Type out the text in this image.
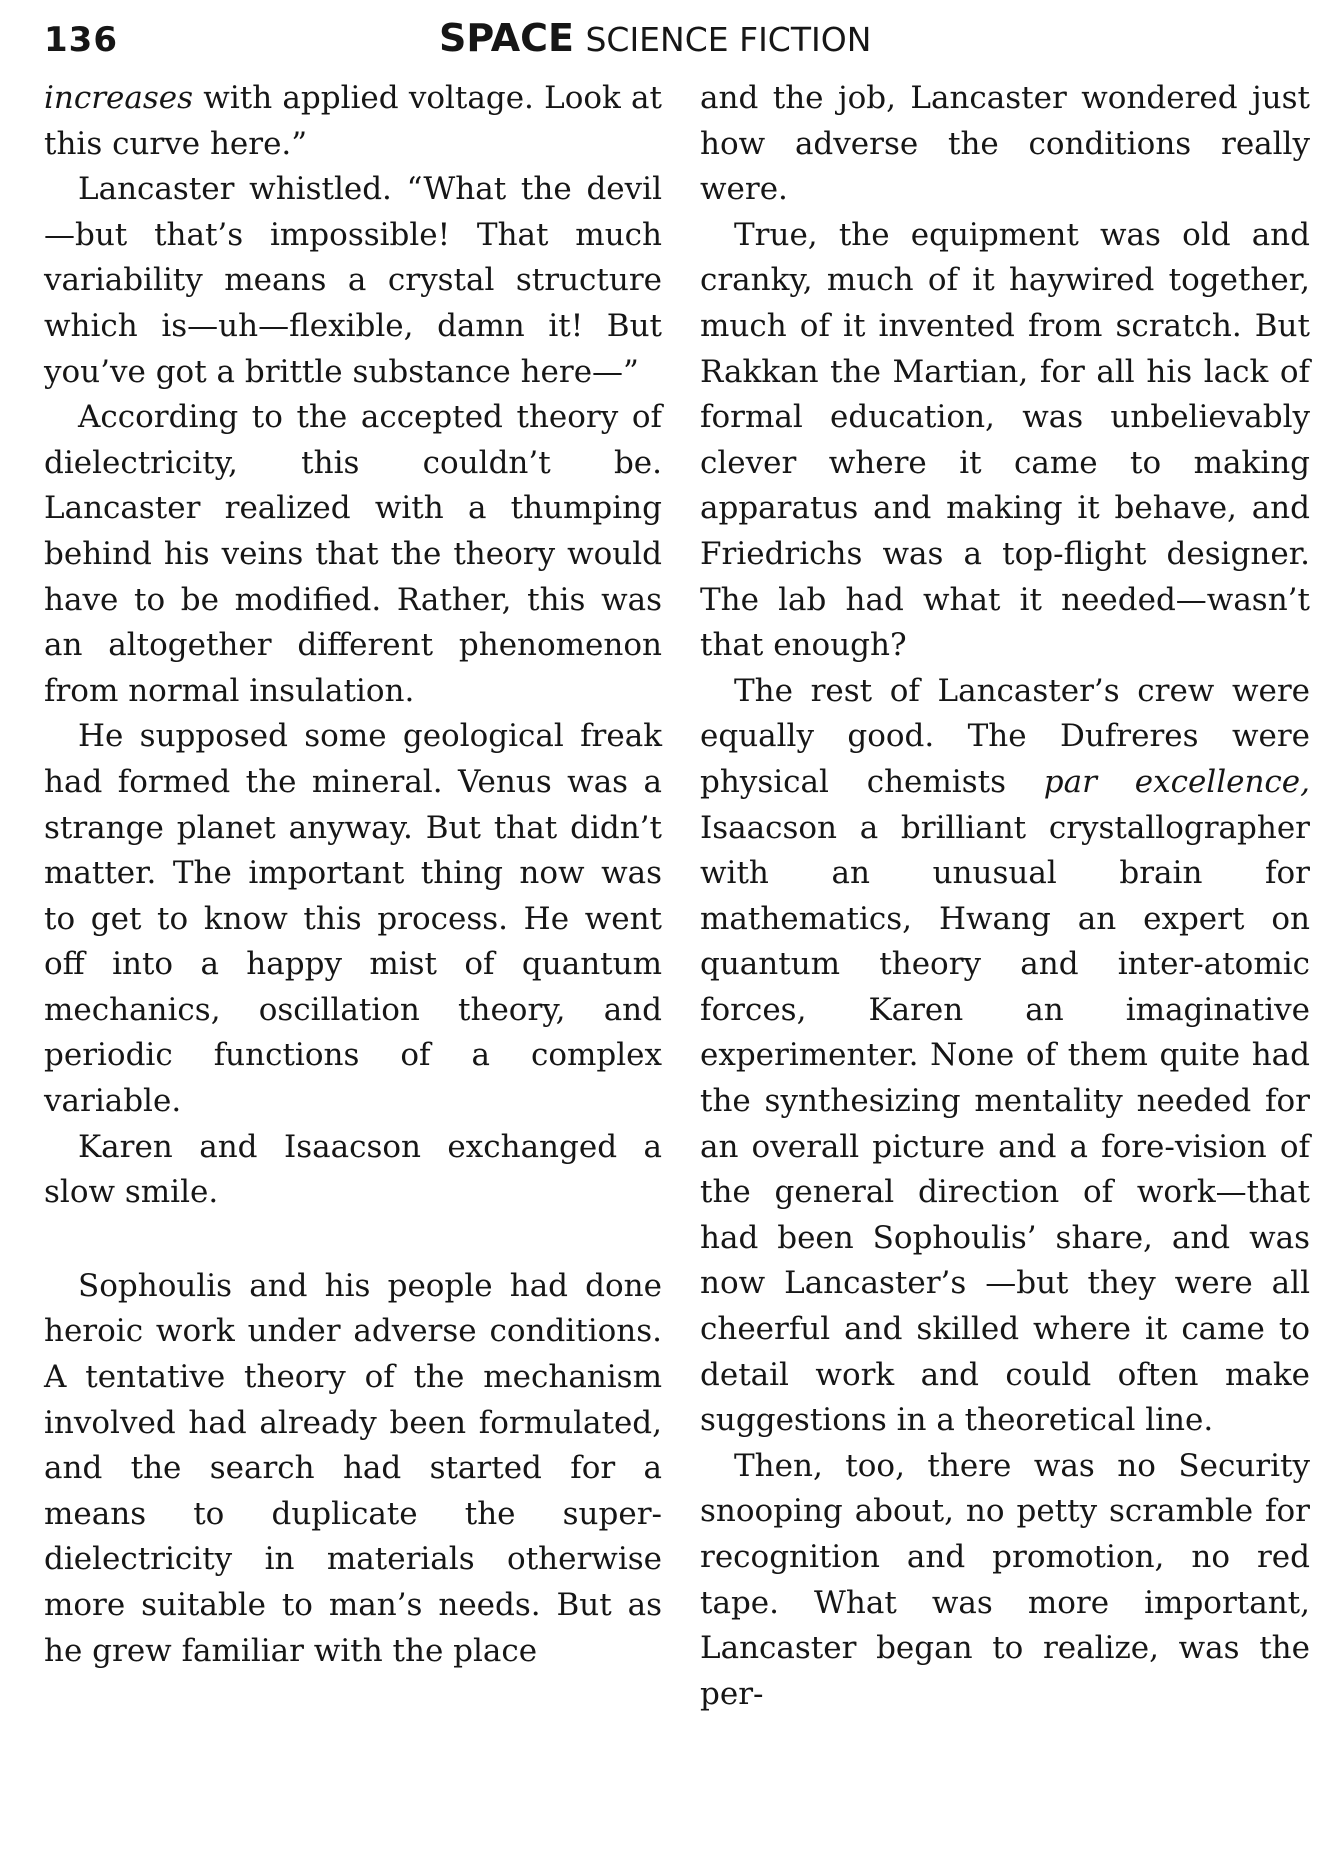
136	SPACE SCIENCE FICTION

increases with applied voltage. Look at this curve here.”

Lancaster whistled. “What the devil—but that’s impossible! That much variability means a crystal structure which is—uh—flexible, damn it! But you’ve got a brittle substance here—”

According to the accepted theory of dielectricity, this couldn’t be. Lancaster realized with a thumping behind his veins that the theory would have to be modified. Rather, this was an altogether different phenomenon from normal insulation.

He supposed some geological freak had formed the mineral. Venus was a strange planet anyway. But that didn’t matter. The important thing now was to get to know this process. He went off into a happy mist of quantum mechanics, oscillation theory, and periodic functions of a complex variable.

Karen and Isaacson exchanged a slow smile.

Sophoulis and his people had done heroic work under adverse conditions. A tentative theory of the mechanism involved had already been formulated, and the search had started for a means to duplicate the super-dielectricity in materials otherwise more suitable to man’s needs. But as he grew familiar with the place

and the job, Lancaster wondered just how adverse the conditions really were.

True, the equipment was old and cranky, much of it haywired together, much of it invented from scratch. But Rakkan the Martian, for all his lack of formal education, was unbelievably clever where it came to making apparatus and making it behave, and Friedrichs was a top-flight designer. The lab had what it needed—wasn’t that enough?

The rest of Lancaster’s crew were equally good. The Dufreres were physical chemists par excellence, Isaacson a brilliant crystallographer with an unusual brain for mathematics, Hwang an expert on quantum theory and inter-atomic forces, Karen an imaginative experimenter. None of them quite had the synthesizing mentality needed for an overall picture and a fore-vision of the general direction of work—that had been Sophoulis’ share, and was now Lancaster’s —but they were all cheerful and skilled where it came to detail work and could often make suggestions in a theoretical line.

Then, too, there was no Security snooping about, no petty scramble for recognition and promotion, no red tape. What was more important, Lancaster began to realize, was the per-
